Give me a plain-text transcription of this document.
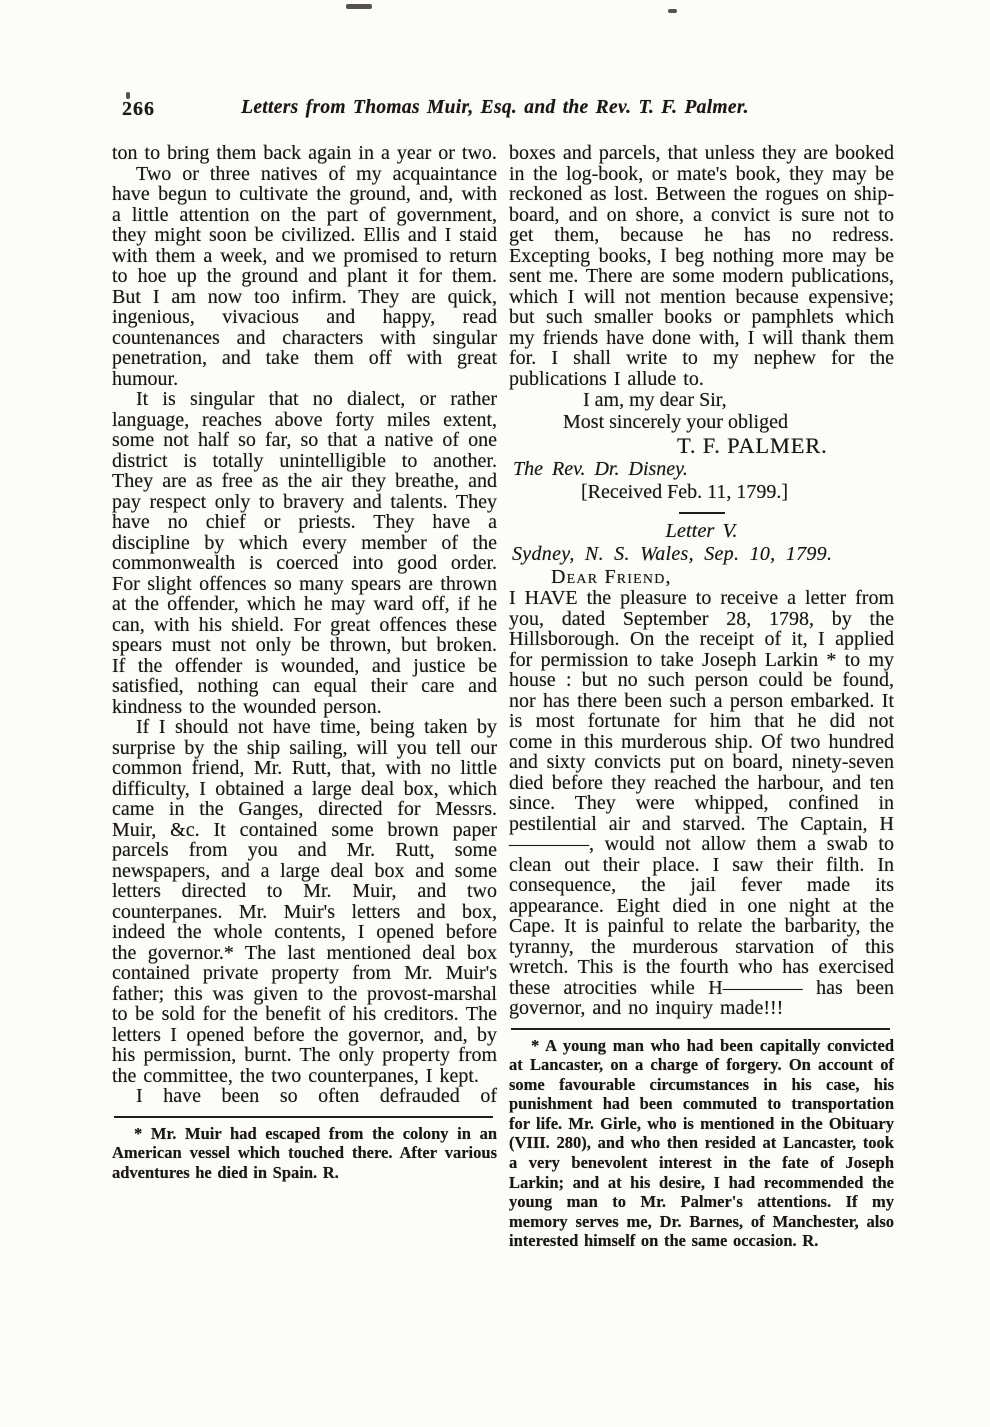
266	Letters from Thomas Muir, Esq. and the Rev. T. F. Palmer.

ton to bring them back again in a year or two.

Two or three natives of my acquaintance have begun to cultivate the ground, and, with a little attention on the part of government, they might soon be civilized. Ellis and I staid with them a week, and we promised to return to hoe up the ground and plant it for them. But I am now too infirm. They are quick, ingenious, vivacious and happy, read countenances and characters with singular penetration, and take them off with great humour.

It is singular that no dialect, or rather language, reaches above forty miles extent, some not half so far, so that a native of one district is totally unintelligible to another. They are as free as the air they breathe, and pay respect only to bravery and talents. They have no chief or priests. They have a discipline by which every member of the commonwealth is coerced into good order. For slight offences so many spears are thrown at the offender, which he may ward off, if he can, with his shield. For great offences these spears must not only be thrown, but broken. If the offender is wounded, and justice be satisfied, nothing can equal their care and kindness to the wounded person.

If I should not have time, being taken by surprise by the ship sailing, will you tell our common friend, Mr. Rutt, that, with no little difficulty, I obtained a large deal box, which came in the Ganges, directed for Messrs. Muir, &c. It contained some brown paper parcels from you and Mr. Rutt, some newspapers, and a large deal box and some letters directed to Mr. Muir, and two counterpanes. Mr. Muir's letters and box, indeed the whole contents, I opened before the governor.* The last mentioned deal box contained private property from Mr. Muir's father; this was given to the provost-marshal to be sold for the benefit of his creditors. The letters I opened before the governor, and, by his permission, burnt. The only property from the committee, the two counterpanes, I kept.

I have been so often defrauded of

* Mr. Muir had escaped from the colony in an American vessel which touched there. After various adventures he died in Spain. R.

boxes and parcels, that unless they are booked in the log-book, or mate's book, they may be reckoned as lost. Between the rogues on ship-board, and on shore, a convict is sure not to get them, because he has no redress. Excepting books, I beg nothing more may be sent me. There are some modern publications, which I will not mention because expensive; but such smaller books or pamphlets which my friends have done with, I will thank them for. I shall write to my nephew for the publications I allude to.

I am, my dear Sir,

Most sincerely your obliged

T. F. PALMER.

The Rev. Dr. Disney.

[Received Feb. 11, 1799.]

Letter V.

Sydney, N. S. Wales, Sep. 10, 1799.

Dear Friend,

I HAVE the pleasure to receive a letter from you, dated September 28, 1798, by the Hillsborough. On the receipt of it, I applied for permission to take Joseph Larkin * to my house : but no such person could be found, nor has there been such a person embarked. It is most fortunate for him that he did not come in this murderous ship. Of two hundred and sixty convicts put on board, ninety-seven died before they reached the harbour, and ten since. They were whipped, confined in pestilential air and starved. The Captain, H————, would not allow them a swab to clean out their place. I saw their filth. In consequence, the jail fever made its appearance. Eight died in one night at the Cape. It is painful to relate the barbarity, the tyranny, the murderous starvation of this wretch. This is the fourth who has exercised these atrocities while H———— has been governor, and no inquiry made!!!

* A young man who had been capitally convicted at Lancaster, on a charge of forgery. On account of some favourable circumstances in his case, his punishment had been commuted to transportation for life. Mr. Girle, who is mentioned in the Obituary (VIII. 280), and who then resided at Lancaster, took a very benevolent interest in the fate of Joseph Larkin; and at his desire, I had recommended the young man to Mr. Palmer's attentions. If my memory serves me, Dr. Barnes, of Manchester, also interested himself on the same occasion. R.
